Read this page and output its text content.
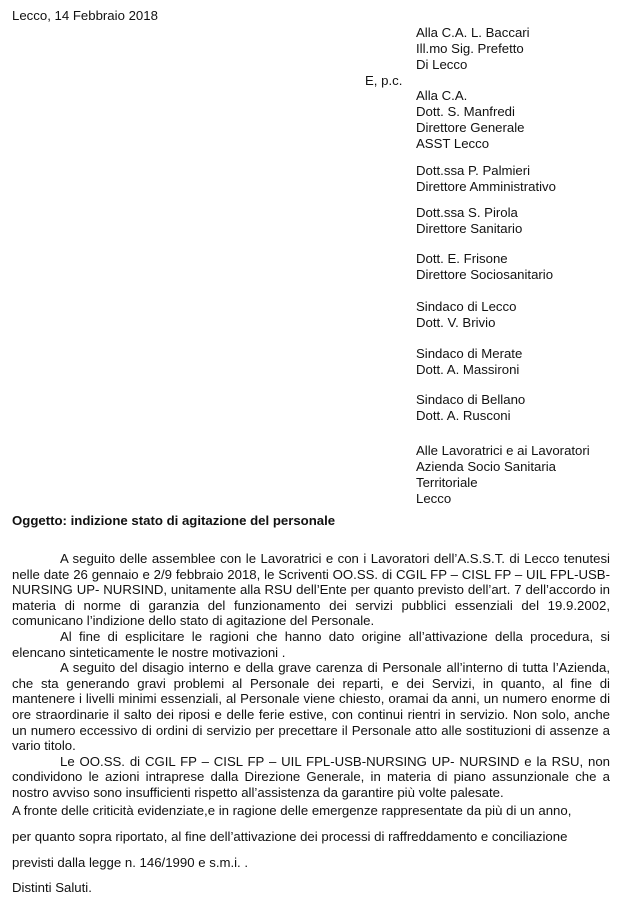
Lecco, 14 Febbraio 2018
E, p.c.
Alla C.A. L. Baccari
Ill.mo Sig. Prefetto
Di Lecco
Alla C.A.
Dott. S. Manfredi
Direttore Generale
ASST Lecco
Dott.ssa P. Palmieri
Direttore Amministrativo
Dott.ssa S. Pirola
Direttore Sanitario
Dott. E. Frisone
Direttore Sociosanitario
Sindaco di Lecco
Dott. V. Brivio
Sindaco di Merate
Dott. A. Massironi
Sindaco di Bellano
Dott. A. Rusconi
Alle Lavoratrici e ai Lavoratori
Azienda Socio Sanitaria
Territoriale
Lecco
Oggetto: indizione stato di agitazione del personale

A seguito delle assemblee con le Lavoratrici e con i Lavoratori dell’A.S.S.T. di Lecco tenutesi nelle date 26 gennaio e 2/9 febbraio 2018, le Scriventi OO.SS. di CGIL FP – CISL FP – UIL FPL-USB-NURSING UP- NURSIND, unitamente alla RSU dell’Ente per quanto previsto dell’art. 7 dell’accordo in materia di norme di garanzia del funzionamento dei servizi pubblici essenziali del 19.9.2002, comunicano l’indizione dello stato di agitazione del Personale.

Al fine di esplicitare le ragioni che hanno dato origine all’attivazione della procedura, si elencano sinteticamente le nostre motivazioni .

A seguito del disagio interno e della grave carenza di Personale all’interno di tutta l’Azienda, che sta generando gravi problemi al Personale dei reparti, e dei Servizi, in quanto, al fine di mantenere i livelli minimi essenziali, al Personale viene chiesto, oramai da anni, un numero enorme di ore straordinarie il salto dei riposi e delle ferie estive, con continui rientri in servizio. Non solo, anche un numero eccessivo di ordini di servizio per precettare il Personale atto alle sostituzioni di assenze a vario titolo.

Le OO.SS. di CGIL FP – CISL FP – UIL FPL-USB-NURSING UP- NURSIND e la RSU, non condividono le azioni intraprese dalla Direzione Generale, in materia di piano assunzionale che a nostro avviso sono insufficienti rispetto all’assistenza da garantire più volte palesate.

A fronte delle criticità evidenziate,e in ragione delle emergenze rappresentate da più di un anno,
per quanto sopra riportato, al fine dell’attivazione dei processi di raffreddamento e conciliazione
previsti dalla legge n. 146/1990 e s.m.i. .
Distinti Saluti.
